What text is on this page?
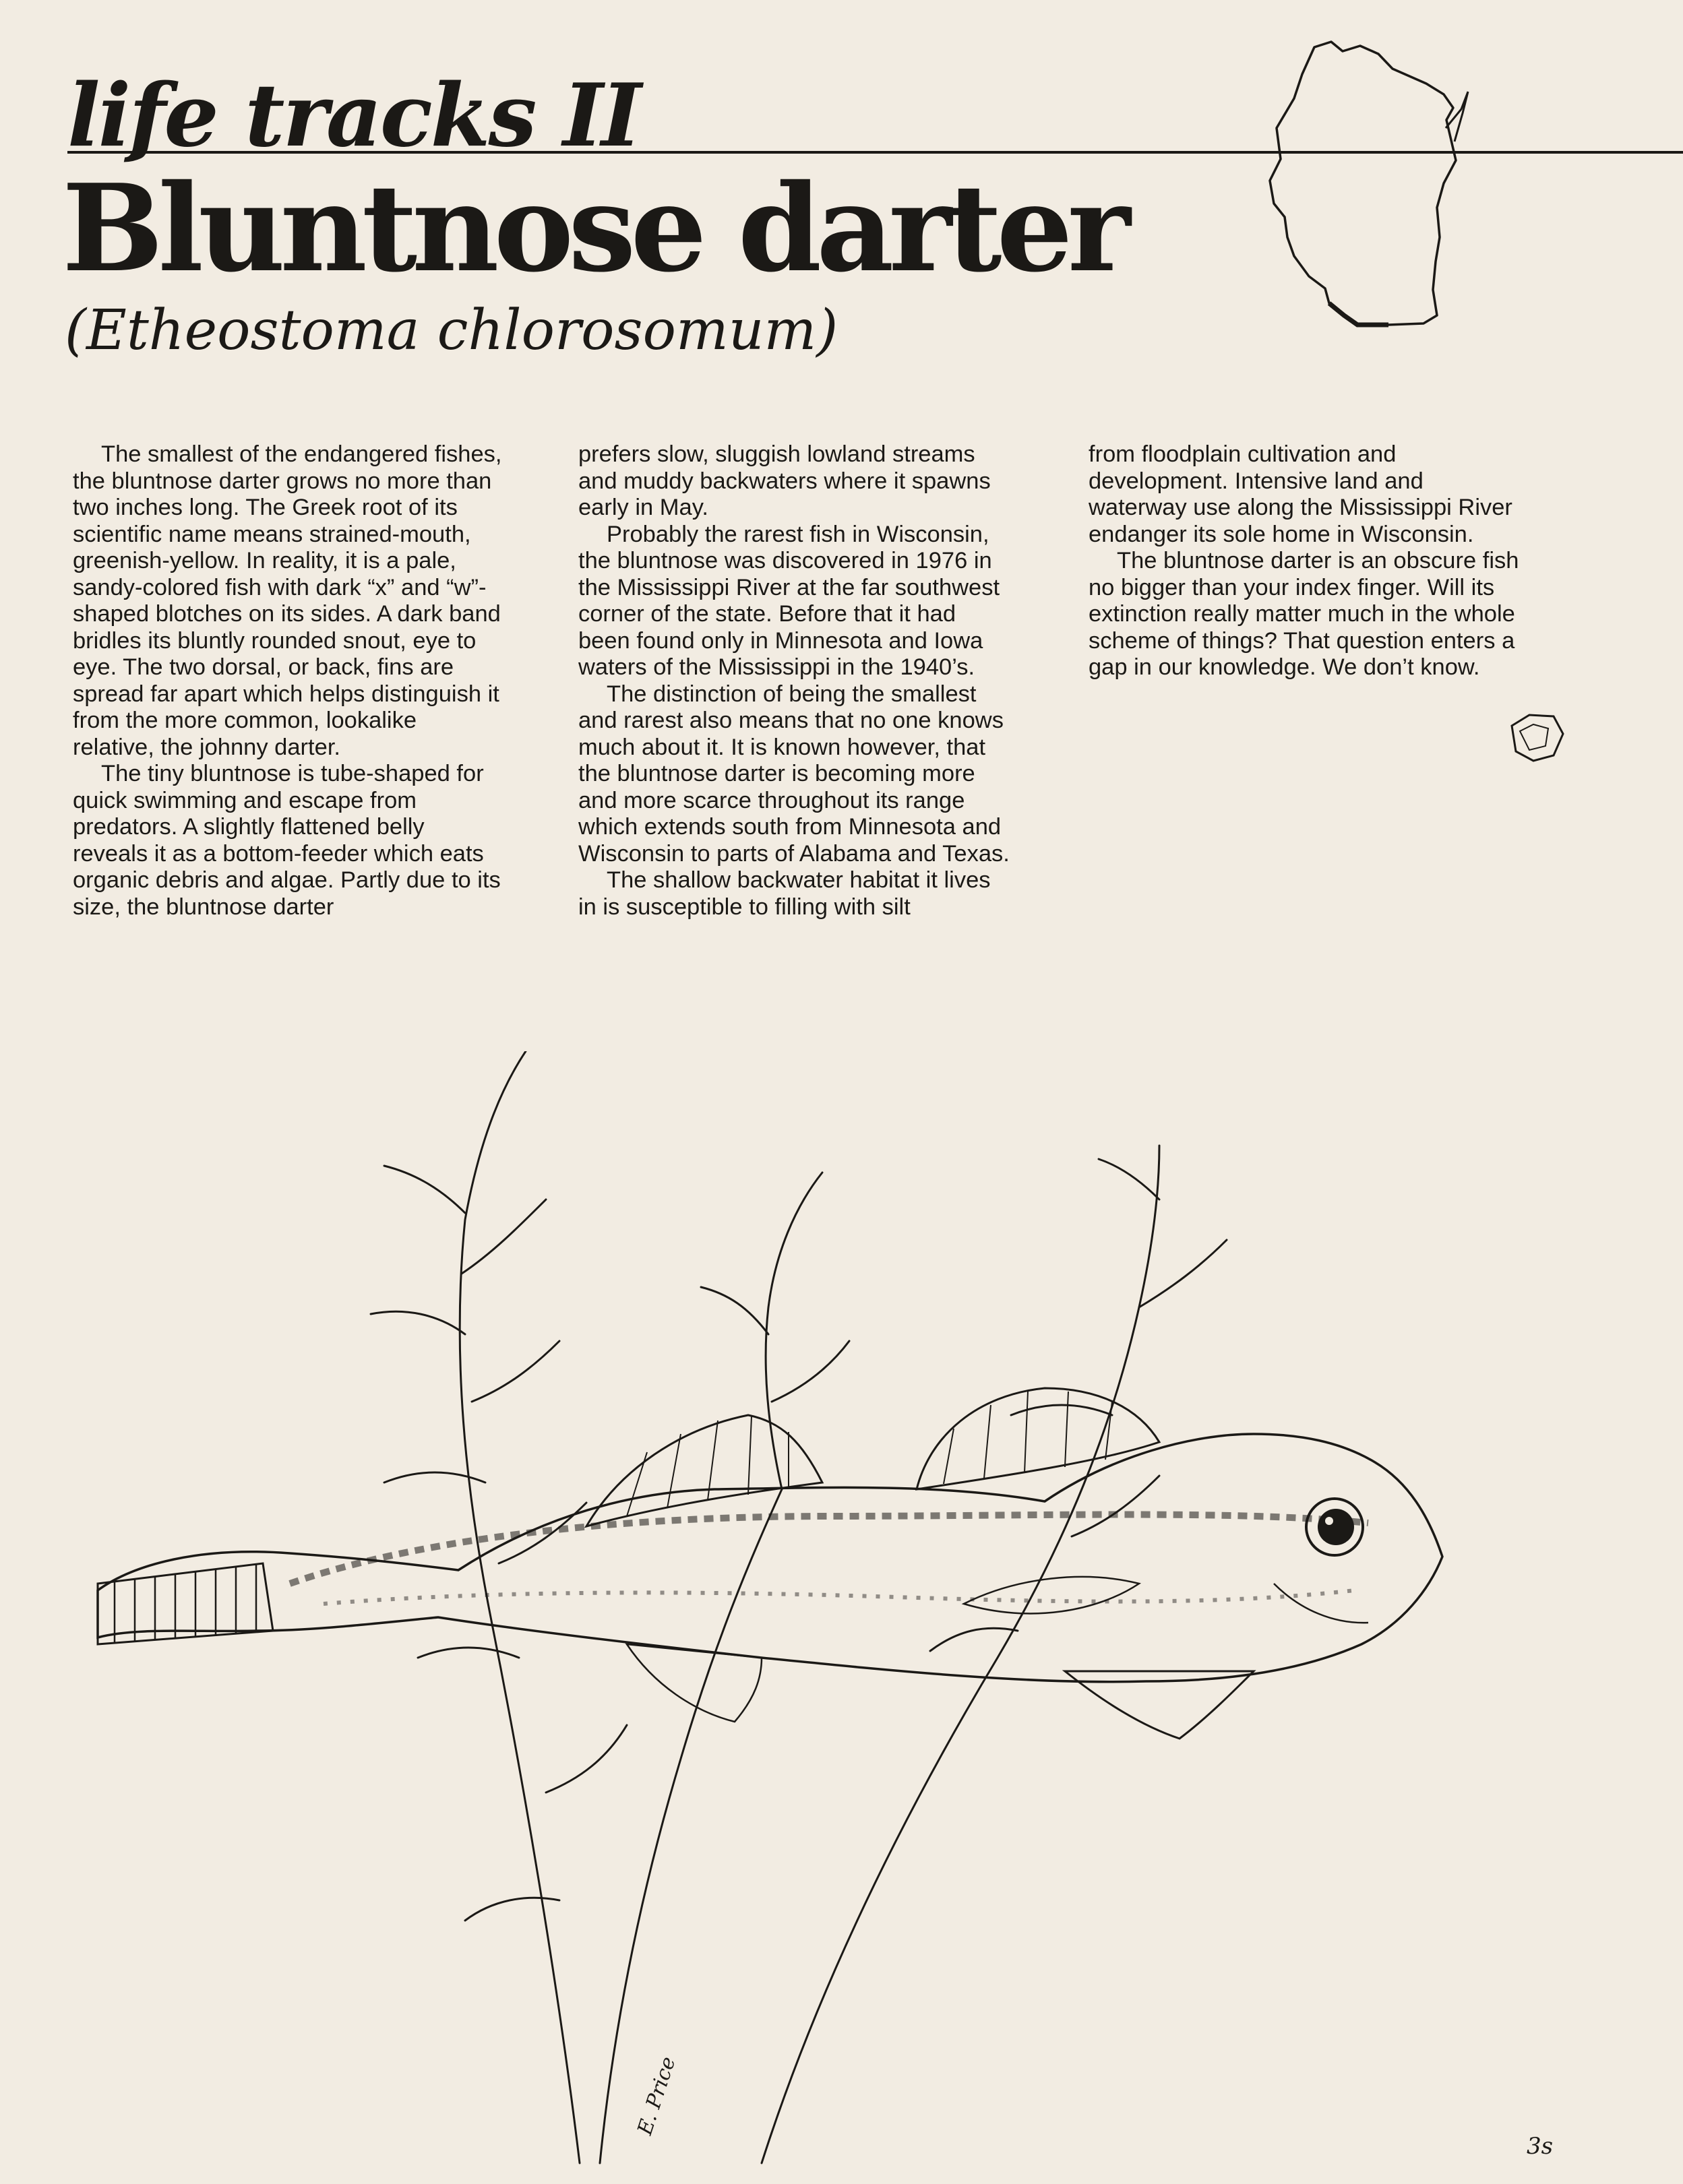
life tracks II
Bluntnose darter
(Etheostoma chlorosomum)

The smallest of the endangered fishes, the bluntnose darter grows no more than two inches long. The Greek root of its scientific name means strained-mouth, greenish-yellow. In reality, it is a pale, sandy-colored fish with dark “x” and “w”-shaped blotches on its sides. A dark band bridles its bluntly rounded snout, eye to eye. The two dorsal, or back, fins are spread far apart which helps distinguish it from the more common, lookalike relative, the johnny darter.

The tiny bluntnose is tube-shaped for quick swimming and escape from predators. A slightly flattened belly reveals it as a bottom-feeder which eats organic debris and algae. Partly due to its size, the bluntnose darter

prefers slow, sluggish lowland streams and muddy backwaters where it spawns early in May.

Probably the rarest fish in Wisconsin, the bluntnose was discovered in 1976 in the Mississippi River at the far southwest corner of the state. Before that it had been found only in Minnesota and Iowa waters of the Mississippi in the 1940’s.

The distinction of being the smallest and rarest also means that no one knows much about it. It is known however, that the bluntnose darter is becoming more and more scarce throughout its range which extends south from Minnesota and Wisconsin to parts of Alabama and Texas.

The shallow backwater habitat it lives in is susceptible to filling with silt

from floodplain cultivation and development. Intensive land and waterway use along the Mississippi River endanger its sole home in Wisconsin.

The bluntnose darter is an obscure fish no bigger than your index finger. Will its extinction really matter much in the whole scheme of things? That question enters a gap in our knowledge. We don’t know.

E. Price
3s
